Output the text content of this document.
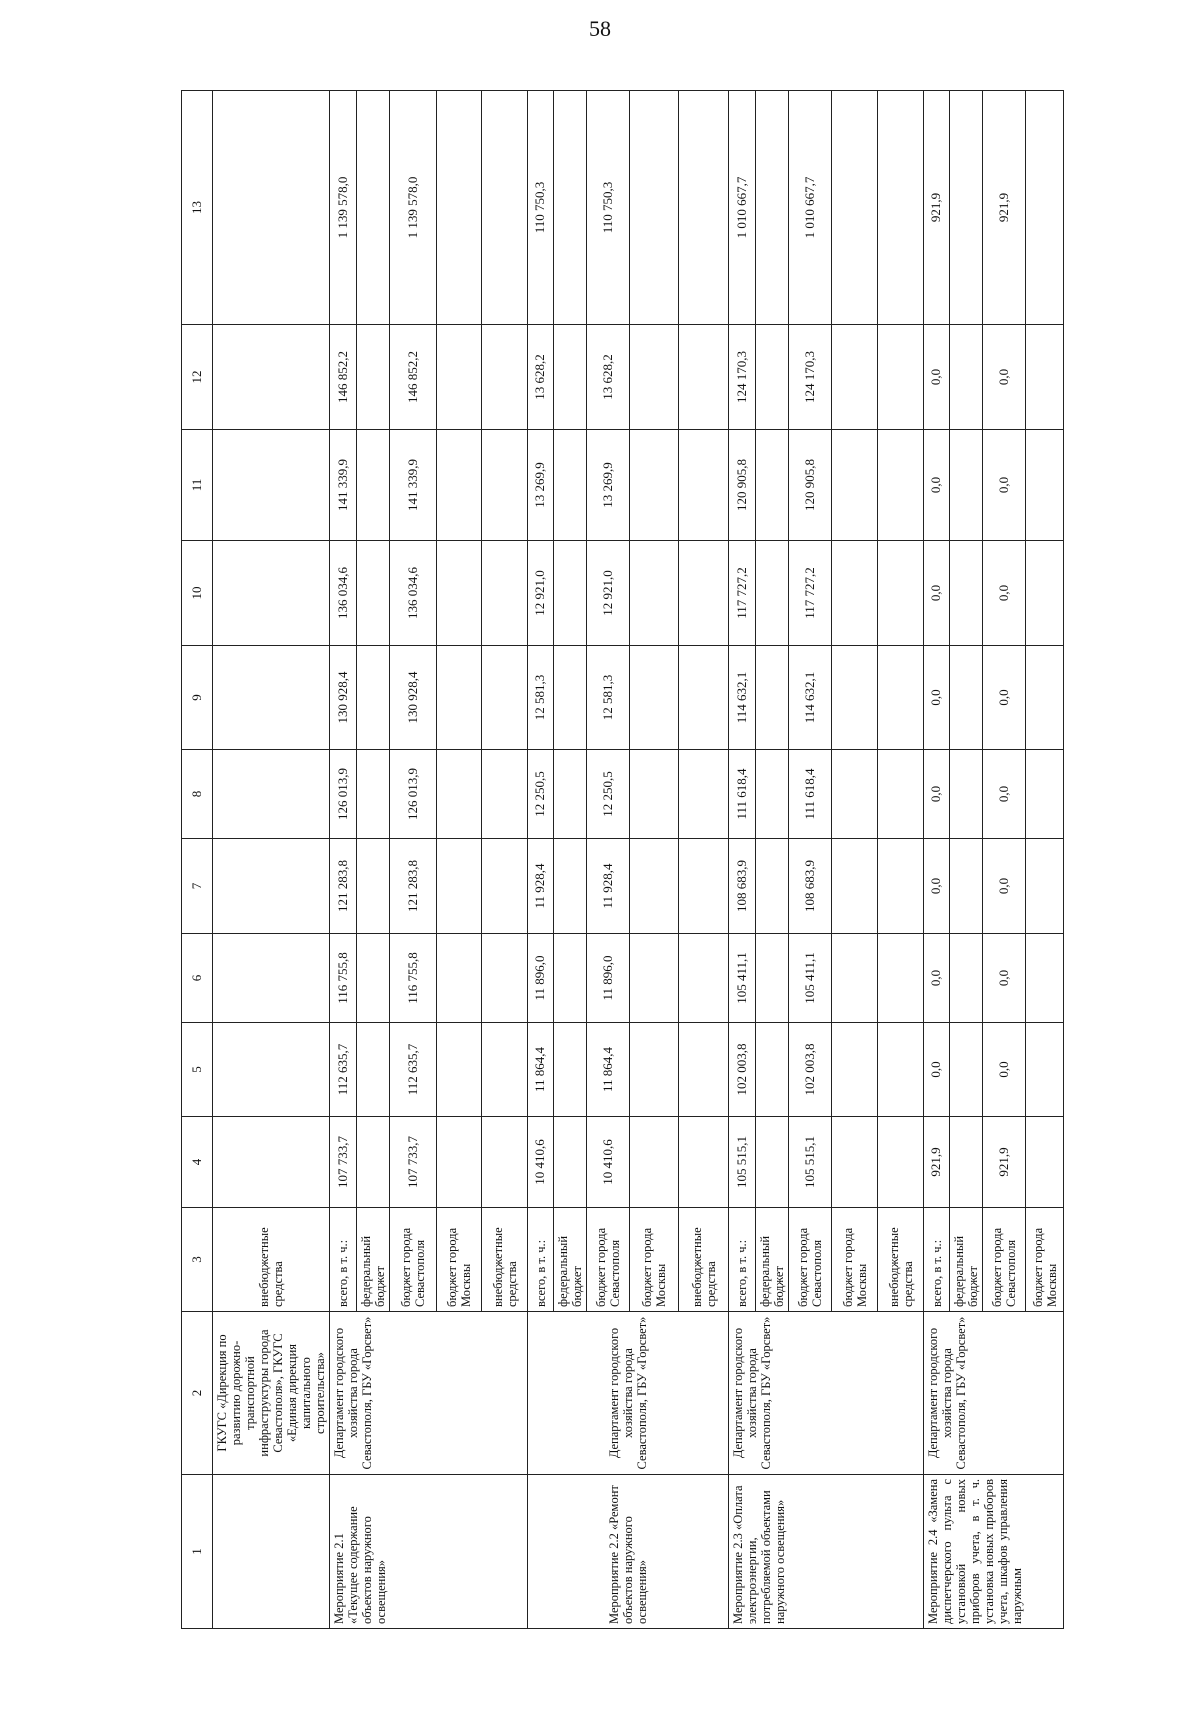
58
1	2	3	4	5	6	7	8	9	10	11	12	13
	ГКУГС «Дирекция по развитию дорожно-транспортной инфраструктуры города Севастополя», ГКУГС «Единая дирекция капитального строительства»	внебюджетные средства										
Мероприятие 2.1 «Текущее содержание объектов наружного освещения»	Департамент городского хозяйства города Севастополя, ГБУ «Горсвет»	всего, в т. ч.:	107 733,7	112 635,7	116 755,8	121 283,8	126 013,9	130 928,4	136 034,6	141 339,9	146 852,2	1 139 578,0
		федеральный бюджет										
		бюджет города Севастополя	107 733,7	112 635,7	116 755,8	121 283,8	126 013,9	130 928,4	136 034,6	141 339,9	146 852,2	1 139 578,0
		бюджет города Москвы										
		внебюджетные средства										
Мероприятие 2.2 «Ремонт объектов наружного освещения»	Департамент городского хозяйства города Севастополя, ГБУ «Горсвет»	всего, в т. ч.:	10 410,6	11 864,4	11 896,0	11 928,4	12 250,5	12 581,3	12 921,0	13 269,9	13 628,2	110 750,3
		федеральный бюджет										
		бюджет города Севастополя	10 410,6	11 864,4	11 896,0	11 928,4	12 250,5	12 581,3	12 921,0	13 269,9	13 628,2	110 750,3
		бюджет города Москвы										
		внебюджетные средства										
Мероприятие 2.3 «Оплата электроэнергии, потребляемой объектами наружного освещения»	Департамент городского хозяйства города Севастополя, ГБУ «Горсвет»	всего, в т. ч.:	105 515,1	102 003,8	105 411,1	108 683,9	111 618,4	114 632,1	117 727,2	120 905,8	124 170,3	1 010 667,7
		федеральный бюджет										
		бюджет города Севастополя	105 515,1	102 003,8	105 411,1	108 683,9	111 618,4	114 632,1	117 727,2	120 905,8	124 170,3	1 010 667,7
		бюджет города Москвы										
		внебюджетные средства										
Мероприятие 2.4 «Замена диспетчерского пульта с установкой новых приборов учета, в т. ч. установка новых приборов учета, шкафов управления наружным	Департамент городского хозяйства города Севастополя, ГБУ «Горсвет»	всего, в т. ч.:	921,9	0,0	0,0	0,0	0,0	0,0	0,0	0,0	0,0	921,9
		федеральный бюджет										
		бюджет города Севастополя	921,9	0,0	0,0	0,0	0,0	0,0	0,0	0,0	0,0	921,9
		бюджет города Москвы										
